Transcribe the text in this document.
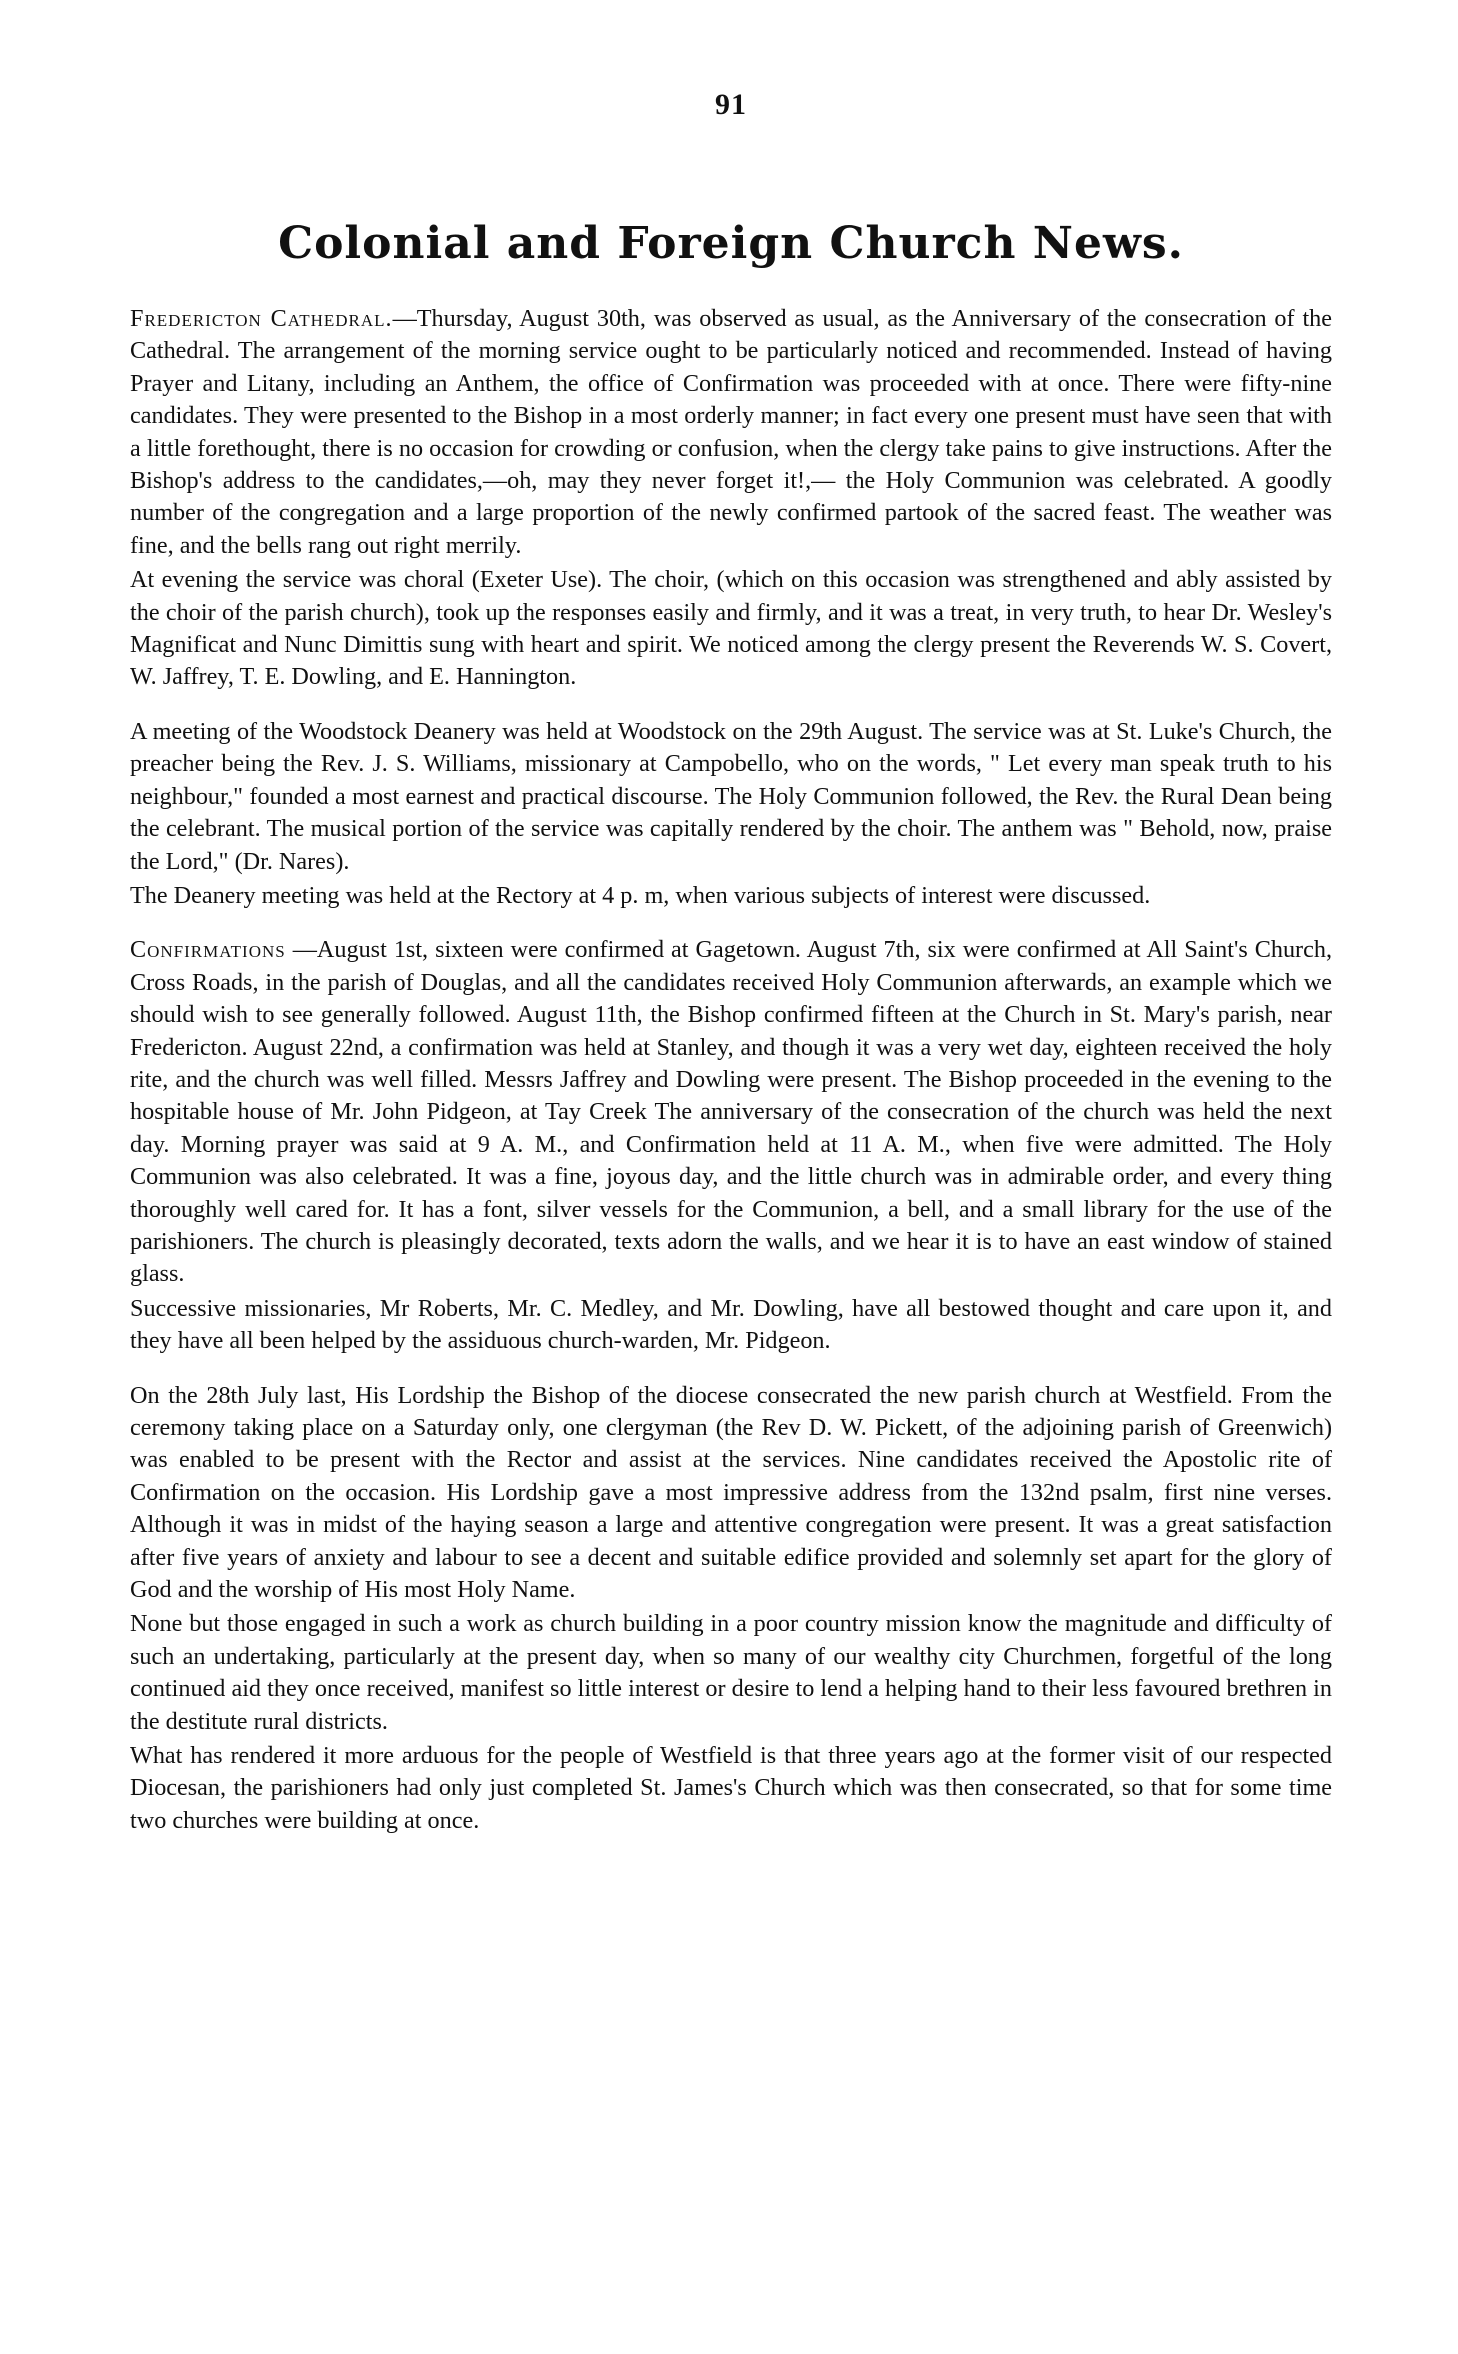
91
Colonial and Foreign Church News.

Fredericton Cathedral.—Thursday, August 30th, was observed as usual, as the Anniversary of the consecration of the Cathedral. The arrangement of the morning service ought to be particularly noticed and recommended. Instead of having Prayer and Litany, including an Anthem, the office of Confirmation was proceeded with at once. There were fifty-nine candidates. They were presented to the Bishop in a most orderly manner; in fact every one present must have seen that with a little forethought, there is no occasion for crowding or confusion, when the clergy take pains to give instructions. After the Bishop's address to the candidates,—oh, may they never forget it!,— the Holy Communion was celebrated. A goodly number of the congregation and a large proportion of the newly confirmed partook of the sacred feast. The weather was fine, and the bells rang out right merrily.

At evening the service was choral (Exeter Use). The choir, (which on this occasion was strengthened and ably assisted by the choir of the parish church), took up the responses easily and firmly, and it was a treat, in very truth, to hear Dr. Wesley's Magnificat and Nunc Dimittis sung with heart and spirit. We noticed among the clergy present the Reverends W. S. Covert, W. Jaffrey, T. E. Dowling, and E. Hannington.

A meeting of the Woodstock Deanery was held at Woodstock on the 29th August. The service was at St. Luke's Church, the preacher being the Rev. J. S. Williams, missionary at Campobello, who on the words, " Let every man speak truth to his neighbour," founded a most earnest and practical discourse. The Holy Communion followed, the Rev. the Rural Dean being the celebrant. The musical portion of the service was capitally rendered by the choir. The anthem was " Behold, now, praise the Lord," (Dr. Nares).

The Deanery meeting was held at the Rectory at 4 p. m, when various subjects of interest were discussed.

Confirmations —August 1st, sixteen were confirmed at Gagetown. August 7th, six were confirmed at All Saint's Church, Cross Roads, in the parish of Douglas, and all the candidates received Holy Communion afterwards, an example which we should wish to see generally followed. August 11th, the Bishop confirmed fifteen at the Church in St. Mary's parish, near Fredericton. August 22nd, a confirmation was held at Stanley, and though it was a very wet day, eighteen received the holy rite, and the church was well filled. Messrs Jaffrey and Dowling were present. The Bishop proceeded in the evening to the hospitable house of Mr. John Pidgeon, at Tay Creek The anniversary of the consecration of the church was held the next day. Morning prayer was said at 9 A. M., and Confirmation held at 11 A. M., when five were admitted. The Holy Communion was also celebrated. It was a fine, joyous day, and the little church was in admirable order, and every thing thoroughly well cared for. It has a font, silver vessels for the Communion, a bell, and a small library for the use of the parishioners. The church is pleasingly decorated, texts adorn the walls, and we hear it is to have an east window of stained glass.

Successive missionaries, Mr Roberts, Mr. C. Medley, and Mr. Dowling, have all bestowed thought and care upon it, and they have all been helped by the assiduous church-warden, Mr. Pidgeon.

On the 28th July last, His Lordship the Bishop of the diocese consecrated the new parish church at Westfield. From the ceremony taking place on a Saturday only, one clergyman (the Rev D. W. Pickett, of the adjoining parish of Greenwich) was enabled to be present with the Rector and assist at the services. Nine candidates received the Apostolic rite of Confirmation on the occasion. His Lordship gave a most impressive address from the 132nd psalm, first nine verses. Although it was in midst of the haying season a large and attentive congregation were present. It was a great satisfaction after five years of anxiety and labour to see a decent and suitable edifice provided and solemnly set apart for the glory of God and the worship of His most Holy Name.

None but those engaged in such a work as church building in a poor country mission know the magnitude and difficulty of such an undertaking, particularly at the present day, when so many of our wealthy city Churchmen, forgetful of the long continued aid they once received, manifest so little interest or desire to lend a helping hand to their less favoured brethren in the destitute rural districts.

What has rendered it more arduous for the people of Westfield is that three years ago at the former visit of our respected Diocesan, the parishioners had only just completed St. James's Church which was then consecrated, so that for some time two churches were building at once.
